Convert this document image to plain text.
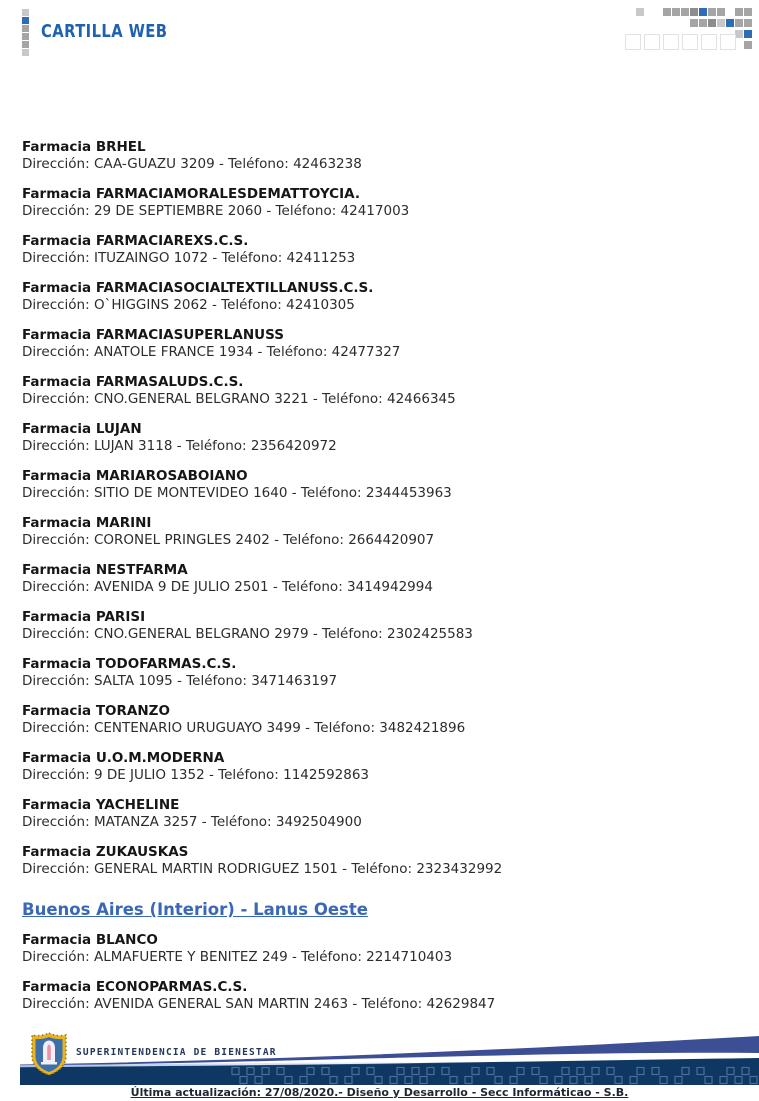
CARTILLA WEB
Farmacia BRHEL
Dirección: CAA-GUAZU 3209 - Teléfono: 42463238
Farmacia FARMACIAMORALESDEMATTOYCIA.
Dirección: 29 DE SEPTIEMBRE 2060 - Teléfono: 42417003
Farmacia FARMACIAREXS.C.S.
Dirección: ITUZAINGO 1072 - Teléfono: 42411253
Farmacia FARMACIASOCIALTEXTILLANUSS.C.S.
Dirección: O`HIGGINS 2062 - Teléfono: 42410305
Farmacia FARMACIASUPERLANUSS
Dirección: ANATOLE FRANCE 1934 - Teléfono: 42477327
Farmacia FARMASALUDS.C.S.
Dirección: CNO.GENERAL BELGRANO 3221 - Teléfono: 42466345
Farmacia LUJAN
Dirección: LUJAN 3118 - Teléfono: 2356420972
Farmacia MARIAROSABOIANO
Dirección: SITIO DE MONTEVIDEO 1640 - Teléfono: 2344453963
Farmacia MARINI
Dirección: CORONEL PRINGLES 2402 - Teléfono: 2664420907
Farmacia NESTFARMA
Dirección: AVENIDA 9 DE JULIO 2501 - Teléfono: 3414942994
Farmacia PARISI
Dirección: CNO.GENERAL BELGRANO 2979 - Teléfono: 2302425583
Farmacia TODOFARMAS.C.S.
Dirección: SALTA 1095 - Teléfono: 3471463197
Farmacia TORANZO
Dirección: CENTENARIO URUGUAYO 3499 - Teléfono: 3482421896
Farmacia U.O.M.MODERNA
Dirección: 9 DE JULIO 1352 - Teléfono: 1142592863
Farmacia YACHELINE
Dirección: MATANZA 3257 - Teléfono: 3492504900
Farmacia ZUKAUSKAS
Dirección: GENERAL MARTIN RODRIGUEZ 1501 - Teléfono: 2323432992
Buenos Aires (Interior) - Lanus Oeste
Farmacia BLANCO
Dirección: ALMAFUERTE Y BENITEZ 249 - Teléfono: 2214710403
Farmacia ECONOPARMAS.C.S.
Dirección: AVENIDA GENERAL SAN MARTIN 2463 - Teléfono: 42629847
SUPERINTENDENCIA DE BIENESTAR
Última actualización: 27/08/2020.- Diseño y Desarrollo - Secc Informáticao - S.B.
